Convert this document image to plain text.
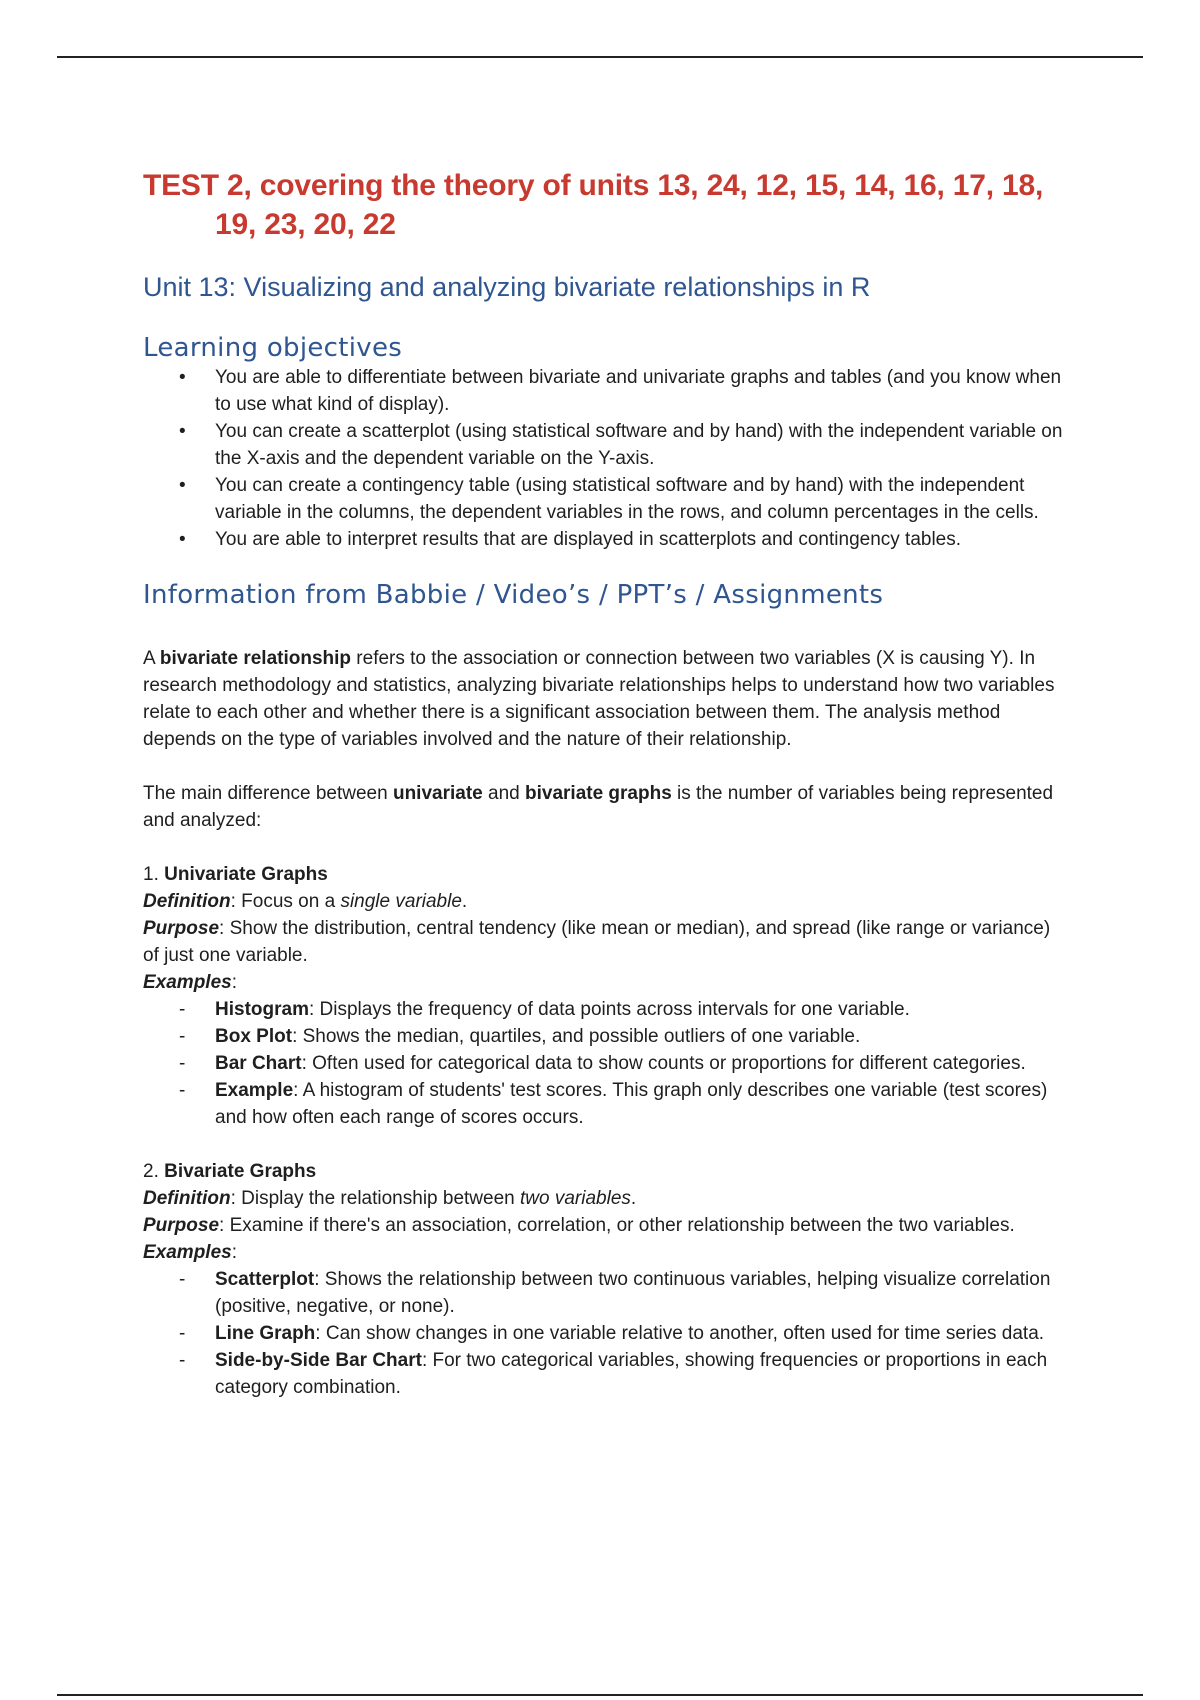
TEST 2, covering the theory of units 13, 24, 12, 15, 14, 16, 17, 18, 19, 23, 20, 22
Unit 13: Visualizing and analyzing bivariate relationships in R
Learning objectives
• You are able to differentiate between bivariate and univariate graphs and tables (and you know when to use what kind of display).
• You can create a scatterplot (using statistical software and by hand) with the independent variable on the X-axis and the dependent variable on the Y-axis.
• You can create a contingency table (using statistical software and by hand) with the independent variable in the columns, the dependent variables in the rows, and column percentages in the cells.
• You are able to interpret results that are displayed in scatterplots and contingency tables.
Information from Babbie / Video’s / PPT’s / Assignments

A bivariate relationship refers to the association or connection between two variables (X is causing Y). In research methodology and statistics, analyzing bivariate relationships helps to understand how two variables relate to each other and whether there is a significant association between them. The analysis method depends on the type of variables involved and the nature of their relationship.

The main difference between univariate and bivariate graphs is the number of variables being represented and analyzed:

1. Univariate Graphs

Definition: Focus on a single variable.

Purpose: Show the distribution, central tendency (like mean or median), and spread (like range or variance) of just one variable.

Examples:

- Histogram: Displays the frequency of data points across intervals for one variable.
- Box Plot: Shows the median, quartiles, and possible outliers of one variable.
- Bar Chart: Often used for categorical data to show counts or proportions for different categories.
- Example: A histogram of students' test scores. This graph only describes one variable (test scores) and how often each range of scores occurs.

2. Bivariate Graphs

Definition: Display the relationship between two variables.

Purpose: Examine if there's an association, correlation, or other relationship between the two variables.

Examples:

- Scatterplot: Shows the relationship between two continuous variables, helping visualize correlation (positive, negative, or none).
- Line Graph: Can show changes in one variable relative to another, often used for time series data.
- Side-by-Side Bar Chart: For two categorical variables, showing frequencies or proportions in each category combination.
